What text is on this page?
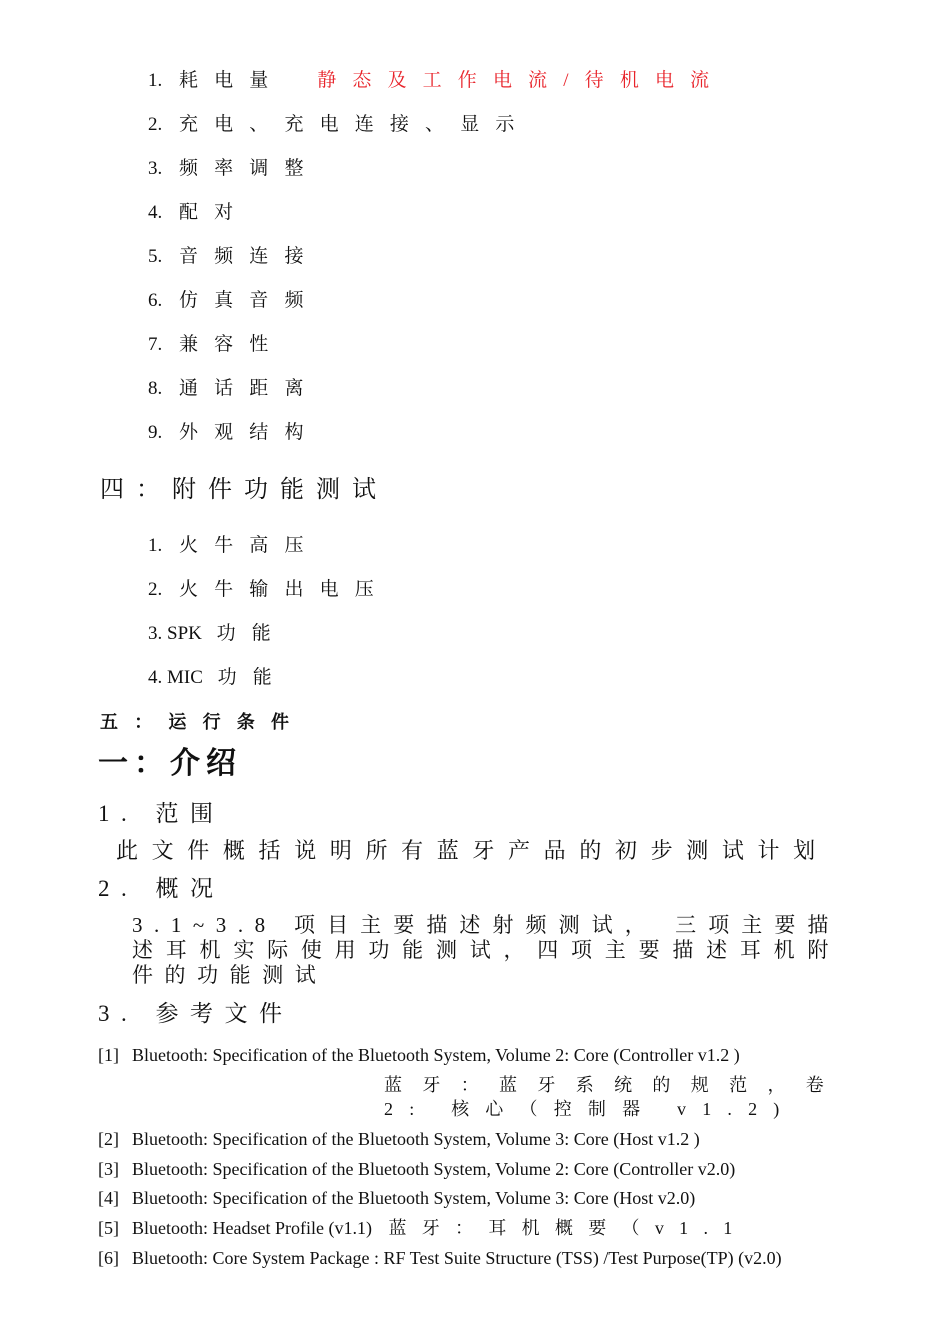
1. 耗电量 静态及工作电流/待机电流
2. 充电、充电连接、显示
3. 频率调整
4. 配对
5. 音频连接
6. 仿真音频
7. 兼容性
8. 通话距离
9. 外观结构
四：附件功能测试
1. 火牛高压
2. 火牛输出电压
3. SPK 功能
4. MIC 功能
五：运行条件
一：介绍
1. 范围
此文件概括说明所有蓝牙产品的初步测试计划
2. 概况
3.1~3.8 项目主要描述射频测试， 三项主要描述耳机实际使用功能测试，四项主要描述耳机附件的功能测试
3. 参考文件
[1] Bluetooth: Specification of the Bluetooth System, Volume 2: Core (Controller v1.2 )
蓝牙：蓝牙系统的规范，卷 2: 核心（控制器 v1.2)
[2] Bluetooth: Specification of the Bluetooth System, Volume 3: Core (Host v1.2 )
[3] Bluetooth: Specification of the Bluetooth System, Volume 2: Core (Controller v2.0)
[4] Bluetooth: Specification of the Bluetooth System, Volume 3: Core (Host v2.0)
[5] Bluetooth: Headset Profile (v1.1) 蓝牙：耳机概要（v1.1
[6] Bluetooth: Core System Package : RF Test Suite Structure (TSS) /Test Purpose(TP) (v2.0)
